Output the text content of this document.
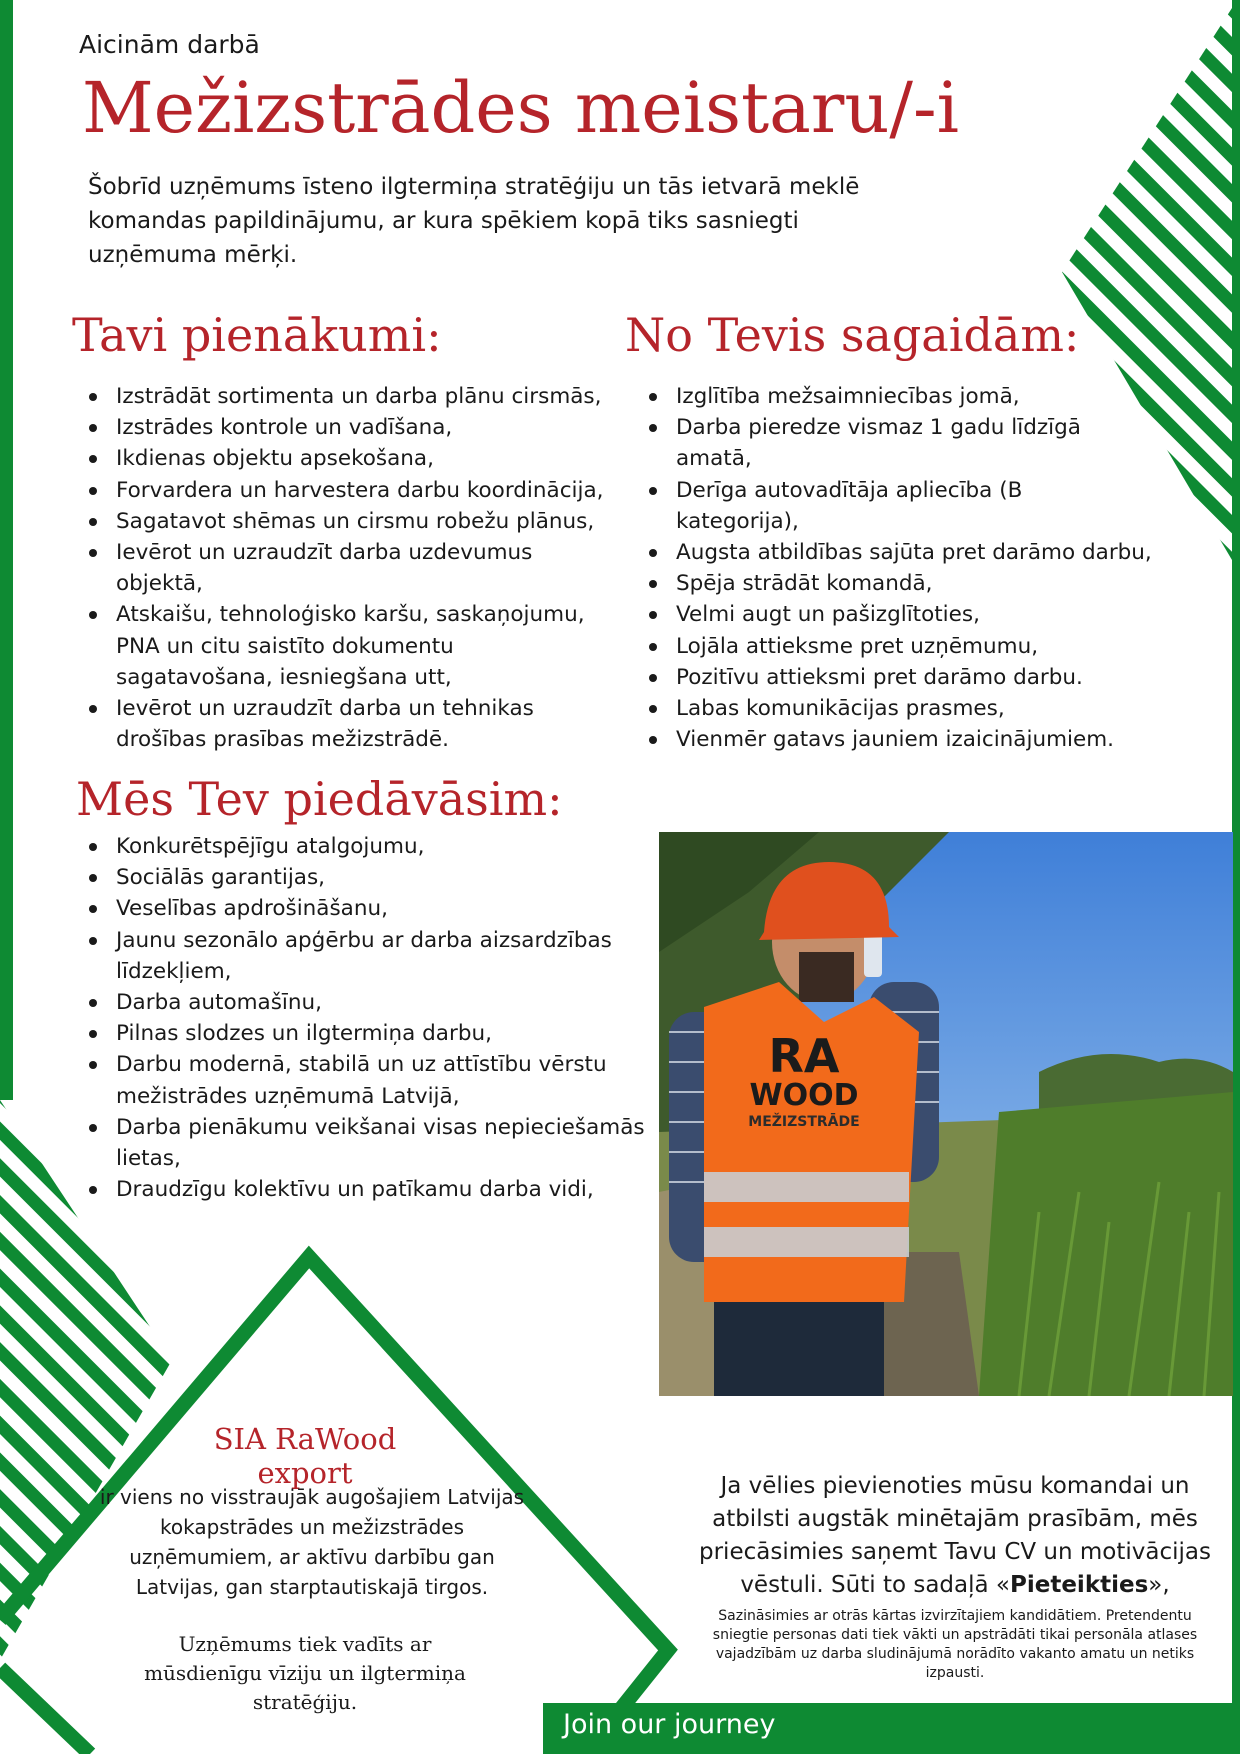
Aicinām darbā
Mežizstrādes meistaru/-i
Šobrīd uzņēmums īsteno ilgtermiņa stratēģiju un tās ietvarā meklē komandas papildinājumu, ar kura spēkiem kopā tiks sasniegti uzņēmuma mērķi.
Tavi pienākumi:
Izstrādāt sortimenta un darba plānu cirsmās,
Izstrādes kontrole un vadīšana,
Ikdienas objektu apsekošana,
Forvardera un harvestera darbu koordinācija,
Sagatavot shēmas un cirsmu robežu plānus,
Ievērot un uzraudzīt darba uzdevumus objektā,
Atskaišu, tehnoloģisko karšu, saskaņojumu, PNA un citu saistīto dokumentu sagatavošana, iesniegšana utt,
Ievērot un uzraudzīt darba un tehnikas drošības prasības mežizstrādē.
No Tevis sagaidām:
Izglītība mežsaimniecības jomā,
Darba pieredze vismaz 1 gadu līdzīgā amatā,
Derīga autovadītāja apliecība (B kategorija),
Augsta atbildības sajūta pret darāmo darbu,
Spēja strādāt komandā,
Velmi augt un pašizglītoties,
Lojāla attieksme pret uzņēmumu,
Pozitīvu attieksmi pret darāmo darbu.
Labas komunikācijas prasmes,
Vienmēr gatavs jauniem izaicinājumiem.
Mēs Tev piedāvāsim:
Konkurētspējīgu atalgojumu,
Sociālās garantijas,
Veselības apdrošināšanu,
Jaunu sezonālo apģērbu ar darba aizsardzības līdzekļiem,
Darba automašīnu,
Pilnas slodzes un ilgtermiņa darbu,
Darbu modernā, stabilā un uz attīstību vērstu mežistrādes uzņēmumā Latvijā,
Darba pienākumu veikšanai visas nepieciešamās lietas,
Draudzīgu kolektīvu un patīkamu darba vidi,
RA
WOOD
MEŽIZSTRĀDE
SIA RaWood export
ir viens no visstraujāk augošajiem Latvijas kokapstrādes un mežizstrādes uzņēmumiem, ar aktīvu darbību gan Latvijas, gan starptautiskajā tirgos.
Uzņēmums tiek vadīts ar mūsdienīgu vīziju un ilgtermiņa stratēģiju.
Ja vēlies pievienoties mūsu komandai un atbilsti augstāk minētajām prasībām, mēs priecāsimies saņemt Tavu CV un motivācijas vēstuli. Sūti to sadaļā «Pieteikties»,
Sazināsimies ar otrās kārtas izvirzītajiem kandidātiem. Pretendentu sniegtie personas dati tiek vākti un apstrādāti tikai personāla atlases vajadzībām uz darba sludinājumā norādīto vakanto amatu un netiks izpausti.
Join our journey
